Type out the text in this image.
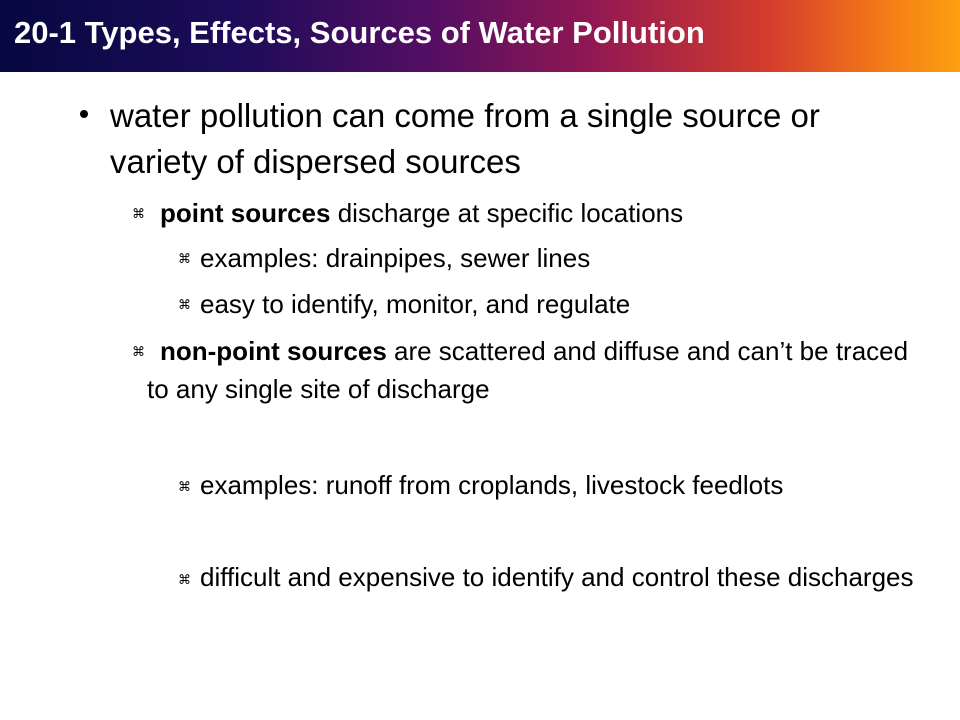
20-1 Types, Effects, Sources of Water Pollution
water pollution can come from a single source or variety of dispersed sources
⌘ point sources discharge at specific locations
⌘ examples: drainpipes, sewer lines
⌘ easy to identify, monitor, and regulate
⌘ non-point sources are scattered and diffuse and can’t be traced to any single site of discharge
⌘ examples: runoff from croplands, livestock feedlots
⌘ difficult and expensive to identify and control these discharges
